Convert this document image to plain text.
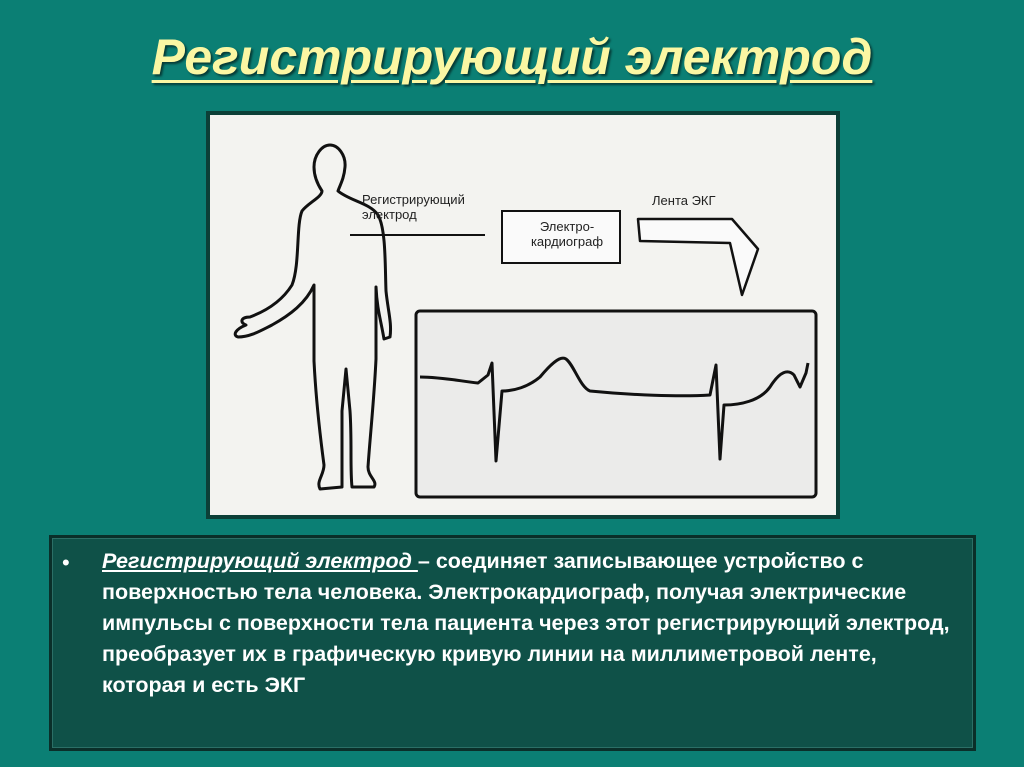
Регистрирующий электрод
Регистрирующий
электрод
Электро-
кардиограф
Лента ЭКГ
• Регистрирующий электрод – соединяет записывающее устройство с поверхностью тела человека. Электрокардиограф, получая электрические импульсы с поверхности тела пациента через этот регистрирующий электрод, преобразует их в графическую кривую линии на миллиметровой ленте, которая и есть ЭКГ
